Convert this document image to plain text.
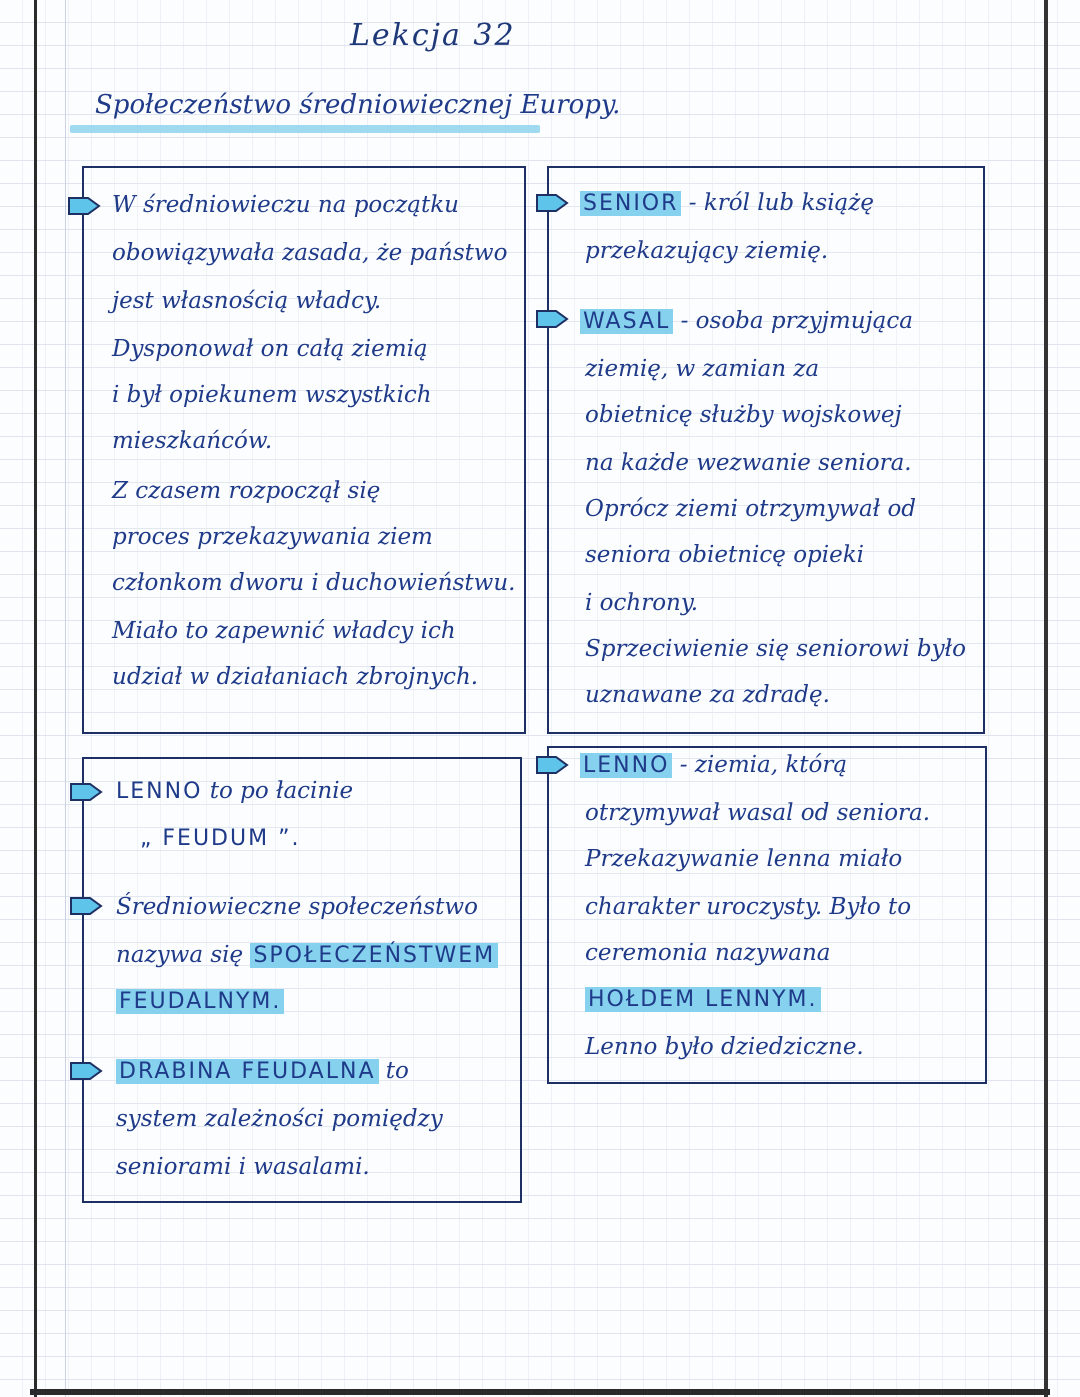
Lekcja 32
Społeczeństwo średniowiecznej Europy.
W średniowieczu na początku
obowiązywała zasada, że państwo
jest własnością władcy.
Dysponował on całą ziemią
i był opiekunem wszystkich
mieszkańców.
Z czasem rozpoczął się
proces przekazywania ziem
członkom dworu i duchowieństwu.
Miało to zapewnić władcy ich
udział w działaniach zbrojnych.
SENIOR - król lub książę
przekazujący ziemię.
WASAL - osoba przyjmująca
ziemię, w zamian za
obietnicę służby wojskowej
na każde wezwanie seniora.
Oprócz ziemi otrzymywał od
seniora obietnicę opieki
i ochrony.
Sprzeciwienie się seniorowi było
uznawane za zdradę.
LENNO to po łacinie
„ FEUDUM ”.
Średniowieczne społeczeństwo
nazywa się SPOŁECZEŃSTWEM
FEUDALNYM.
DRABINA FEUDALNA to
system zależności pomiędzy
seniorami i wasalami.
LENNO - ziemia, którą
otrzymywał wasal od seniora.
Przekazywanie lenna miało
charakter uroczysty. Było to
ceremonia nazywana
HOŁDEM LENNYM.
Lenno było dziedziczne.
